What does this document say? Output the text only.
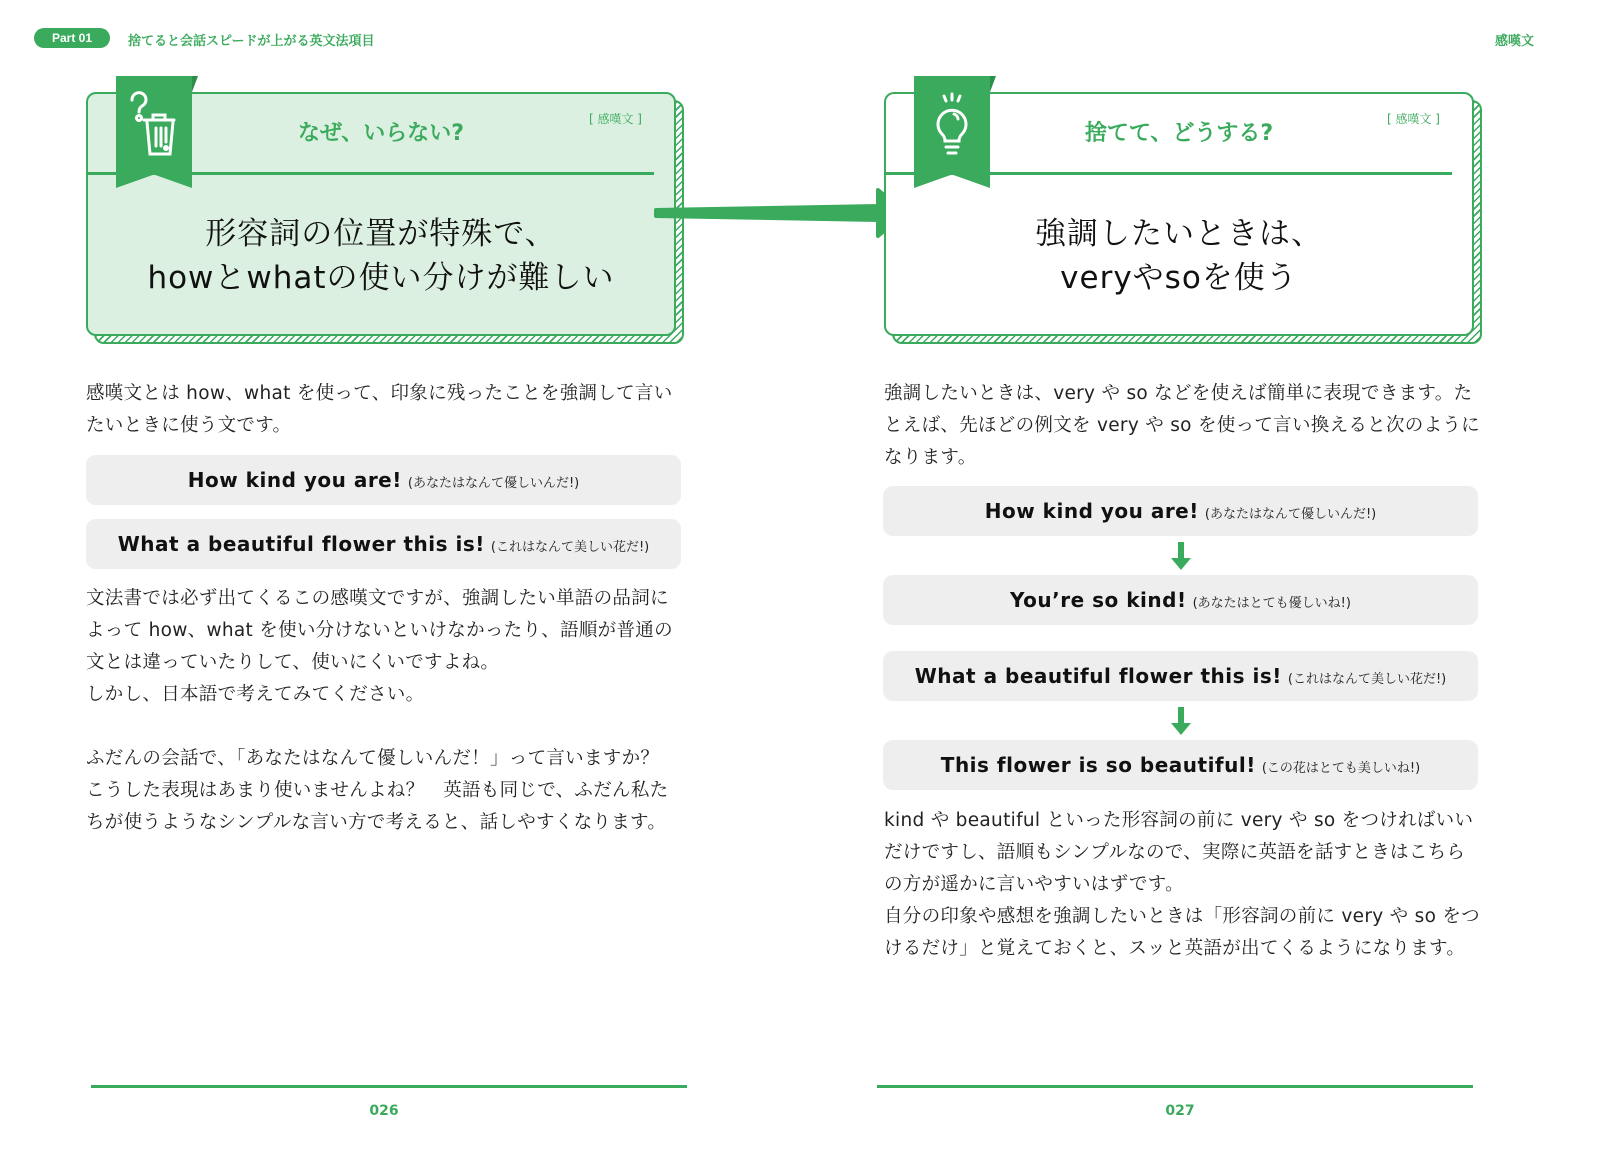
Part 01	捨てると会話スピードが上がる英文法項目	感嘆文
なぜ、いらない?
[ 感嘆文 ]
形容詞の位置が特殊で、
howとwhatの使い分けが難しい
捨てて、どうする?
[ 感嘆文 ]
強調したいときは、
veryやsoを使う
感嘆文とは how、what を使って、印象に残ったことを強調して言いたいときに使う文です。
How kind you are! (あなたはなんて優しいんだ!)
What a beautiful flower this is! (これはなんて美しい花だ!)
文法書では必ず出てくるこの感嘆文ですが、強調したい単語の品詞によって how、what を使い分けないといけなかったり、語順が普通の文とは違っていたりして、使いにくいですよね。
しかし、日本語で考えてみてください。
ふだんの会話で、「あなたはなんて優しいんだ！」って言いますか？　こうした表現はあまり使いませんよね？　英語も同じで、ふだん私たちが使うようなシンプルな言い方で考えると、話しやすくなります。
強調したいときは、very や so などを使えば簡単に表現できます。たとえば、先ほどの例文を very や so を使って言い換えると次のようになります。
How kind you are! (あなたはなんて優しいんだ!)
You’re so kind! (あなたはとても優しいね!)
What a beautiful flower this is! (これはなんて美しい花だ!)
This flower is so beautiful! (この花はとても美しいね!)
kind や beautiful といった形容詞の前に very や so をつければいいだけですし、語順もシンプルなので、実際に英語を話すときはこちらの方が遥かに言いやすいはずです。
自分の印象や感想を強調したいときは「形容詞の前に very や so をつけるだけ」と覚えておくと、スッと英語が出てくるようになります。
026	027
